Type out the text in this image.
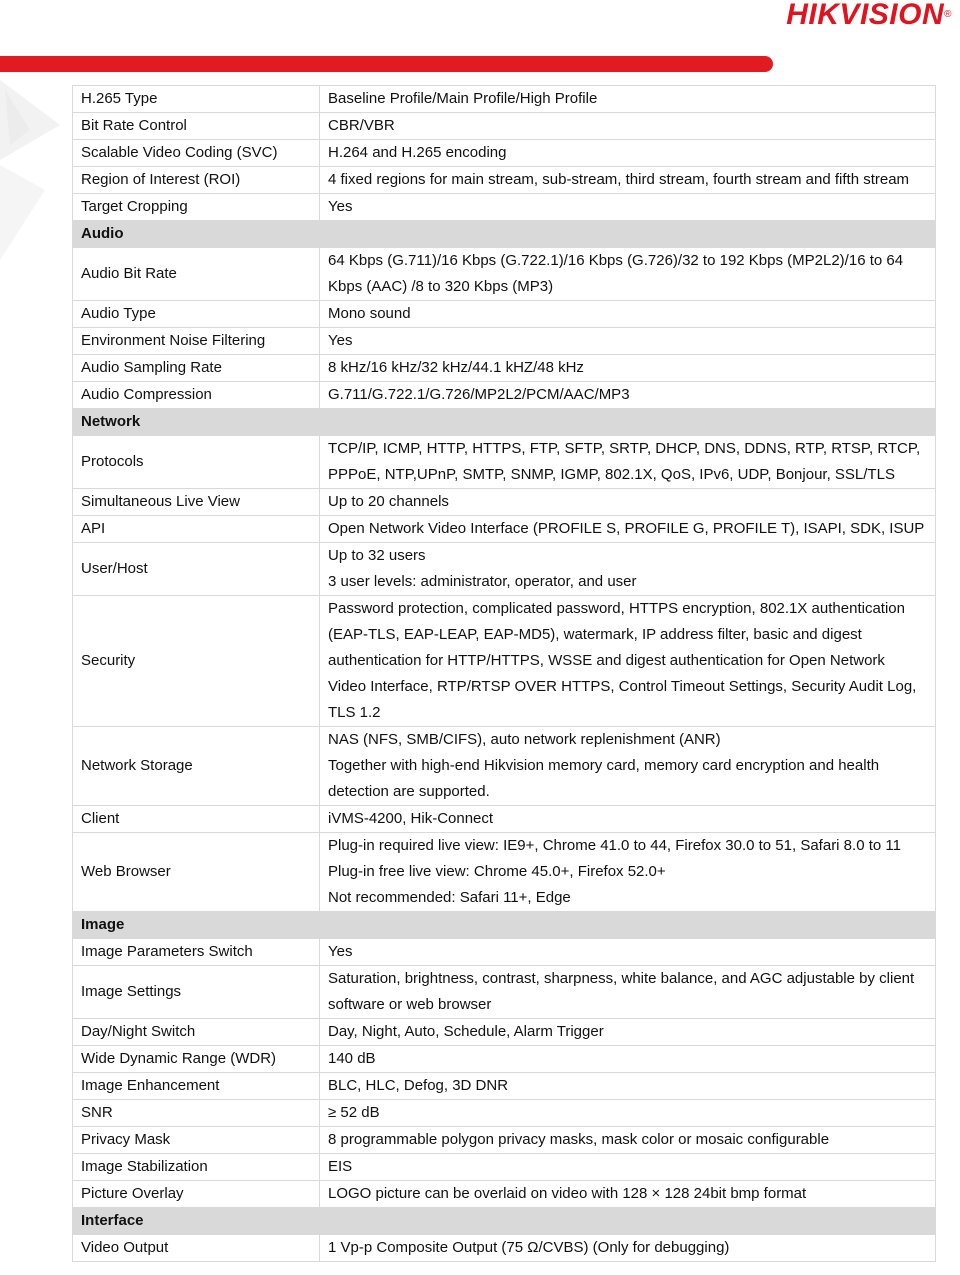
HIKVISION®
H.265 Type	Baseline Profile/Main Profile/High Profile

Bit Rate Control	CBR/VBR

Scalable Video Coding (SVC)	H.264 and H.265 encoding

Region of Interest (ROI)	4 fixed regions for main stream, sub-stream, third stream, fourth stream and fifth stream

Target Cropping	Yes

Audio	
Audio Bit Rate	64 Kbps (G.711)/16 Kbps (G.722.1)/16 Kbps (G.726)/32 to 192 Kbps (MP2L2)/16 to 64 Kbps (AAC) /8 to 320 Kbps (MP3)

Audio Type	Mono sound

Environment Noise Filtering	Yes

Audio Sampling Rate	8 kHz/16 kHz/32 kHz/44.1 kHZ/48 kHz

Audio Compression	G.711/G.722.1/G.726/MP2L2/PCM/AAC/MP3

Network	
Protocols	TCP/IP, ICMP, HTTP, HTTPS, FTP, SFTP, SRTP, DHCP, DNS, DDNS, RTP, RTSP, RTCP, PPPoE, NTP,UPnP, SMTP, SNMP, IGMP, 802.1X, QoS, IPv6, UDP, Bonjour, SSL/TLS

Simultaneous Live View	Up to 20 channels

API	Open Network Video Interface (PROFILE S, PROFILE G, PROFILE T), ISAPI, SDK, ISUP

User/Host	Up to 32 users
3 user levels: administrator, operator, and user

Security	Password protection, complicated password, HTTPS encryption, 802.1X authentication (EAP-TLS, EAP-LEAP, EAP-MD5), watermark, IP address filter, basic and digest authentication for HTTP/HTTPS, WSSE and digest authentication for Open Network Video Interface, RTP/RTSP OVER HTTPS, Control Timeout Settings, Security Audit Log, TLS 1.2

Network Storage	NAS (NFS, SMB/CIFS), auto network replenishment (ANR)
Together with high-end Hikvision memory card, memory card encryption and health detection are supported.

Client	iVMS-4200, Hik-Connect

Web Browser	Plug-in required live view: IE9+, Chrome 41.0 to 44, Firefox 30.0 to 51, Safari 8.0 to 11
Plug-in free live view: Chrome 45.0+, Firefox 52.0+
Not recommended: Safari 11+, Edge

Image	
Image Parameters Switch	Yes

Image Settings	Saturation, brightness, contrast, sharpness, white balance, and AGC adjustable by client software or web browser

Day/Night Switch	Day, Night, Auto, Schedule, Alarm Trigger

Wide Dynamic Range (WDR)	140 dB

Image Enhancement	BLC, HLC, Defog, 3D DNR

SNR	≥ 52 dB

Privacy Mask	8 programmable polygon privacy masks, mask color or mosaic configurable

Image Stabilization	EIS

Picture Overlay	LOGO picture can be overlaid on video with 128 × 128 24bit bmp format

Interface	
Video Output	1 Vp-p Composite Output (75 Ω/CVBS) (Only for debugging)
